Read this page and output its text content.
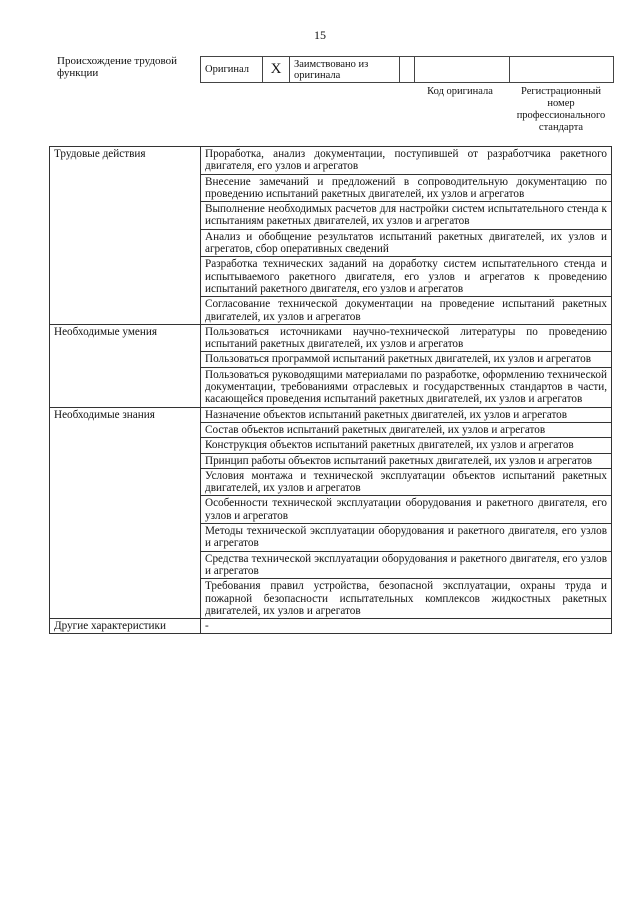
15
Происхождение трудовой функции	Оригинал	X	Заимствовано из оригинала			
Код оригинала	Регистрационный номер профессионального стандарта
Трудовые действия	Проработка, анализ документации, поступившей от разработчика ракетного двигателя, его узлов и агрегатов
	Внесение замечаний и предложений в сопроводительную документацию по проведению испытаний ракетных двигателей, их узлов и агрегатов
	Выполнение необходимых расчетов для настройки систем испытательного стенда к испытаниям ракетных двигателей, их узлов и агрегатов
	Анализ и обобщение результатов испытаний ракетных двигателей, их узлов и агрегатов, сбор оперативных сведений
	Разработка технических заданий на доработку систем испытательного стенда и испытываемого ракетного двигателя, его узлов и агрегатов к проведению испытаний ракетного двигателя, его узлов и агрегатов
	Согласование технической документации на проведение испытаний ракетных двигателей, их узлов и агрегатов
Необходимые умения	Пользоваться источниками научно-технической литературы по проведению испытаний ракетных двигателей, их узлов и агрегатов
	Пользоваться программой испытаний ракетных двигателей, их узлов и агрегатов
	Пользоваться руководящими материалами по разработке, оформлению технической документации, требованиями отраслевых и государственных стандартов в части, касающейся проведения испытаний ракетных двигателей, их узлов и агрегатов
Необходимые знания	Назначение объектов испытаний ракетных двигателей, их узлов и агрегатов
	Состав объектов испытаний ракетных двигателей, их узлов и агрегатов
	Конструкция объектов испытаний ракетных двигателей, их узлов и агрегатов
	Принцип работы объектов испытаний ракетных двигателей, их узлов и агрегатов
	Условия монтажа и технической эксплуатации объектов испытаний ракетных двигателей, их узлов и агрегатов
	Особенности технической эксплуатации оборудования и ракетного двигателя, его узлов и агрегатов
	Методы технической эксплуатации оборудования и ракетного двигателя, его узлов и агрегатов
	Средства технической эксплуатации оборудования и ракетного двигателя, его узлов и агрегатов
	Требования правил устройства, безопасной эксплуатации, охраны труда и пожарной безопасности испытательных комплексов жидкостных ракетных двигателей, их узлов и агрегатов
Другие характеристики	-
